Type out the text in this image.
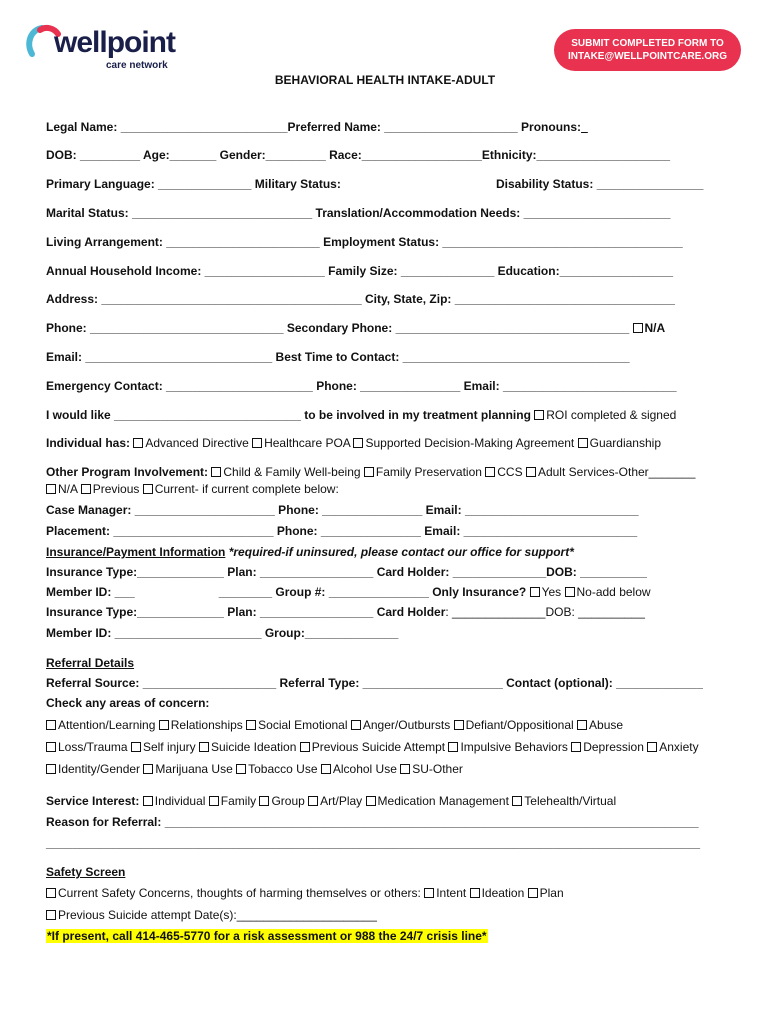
wellpoint
care network
SUBMIT COMPLETED FORM TO
INTAKE@WELLPOINTCARE.ORG
BEHAVIORAL HEALTH INTAKE-ADULT
Legal Name: _________________________Preferred Name: ____________________ Pronouns:_
DOB: _________ Age:_______ Gender:_________ Race:__________________Ethnicity:____________________
Primary Language: ______________ Military Status:	Disability Status: ________________
Marital Status: ___________________________ Translation/Accommodation Needs: ______________________
Living Arrangement: _______________________ Employment Status: ____________________________________
Annual Household Income: __________________ Family Size: ______________ Education:_________________
Address: _______________________________________ City, State, Zip: _________________________________
Phone: _____________________________ Secondary Phone: ___________________________________ N/A
Email: ____________________________ Best Time to Contact: __________________________________
Emergency Contact: ______________________ Phone: _______________ Email: __________________________
I would like ____________________________ to be involved in my treatment planning ROI completed & signed
Individual has: Advanced Directive Healthcare POA Supported Decision-Making Agreement Guardianship
Other Program Involvement: Child & Family Well-being Family Preservation CCS Adult Services-Other_______
N/A Previous Current- if current complete below:
Case Manager: _____________________ Phone: _______________ Email: __________________________
Placement: ________________________ Phone: _______________ Email: __________________________
Insurance/Payment Information *required-if uninsured, please contact our office for support*
Insurance Type:_____________ Plan: _________________ Card Holder: ______________DOB: __________
Member ID: ___	________ Group #: _______________ Only Insurance? Yes No-add below
Insurance Type:_____________ Plan: _________________ Card Holder: ______________DOB: __________
Member ID: ______________________ Group:______________
Referral Details
Referral Source: ____________________ Referral Type: _____________________ Contact (optional): _____________
Check any areas of concern:
Attention/Learning Relationships Social Emotional Anger/Outbursts Defiant/Oppositional Abuse
Loss/Trauma Self injury Suicide Ideation Previous Suicide Attempt Impulsive Behaviors Depression Anxiety
Identity/Gender Marijuana Use Tobacco Use Alcohol Use SU-Other
Service Interest: Individual Family Group Art/Play Medication Management Telehealth/Virtual
Reason for Referral: ________________________________________________________________________________
__________________________________________________________________________________________________
Safety Screen
Current Safety Concerns, thoughts of harming themselves or others: Intent Ideation Plan
Previous Suicide attempt Date(s):_____________________
*If present, call 414-465-5770 for a risk assessment or 988 the 24/7 crisis line*
